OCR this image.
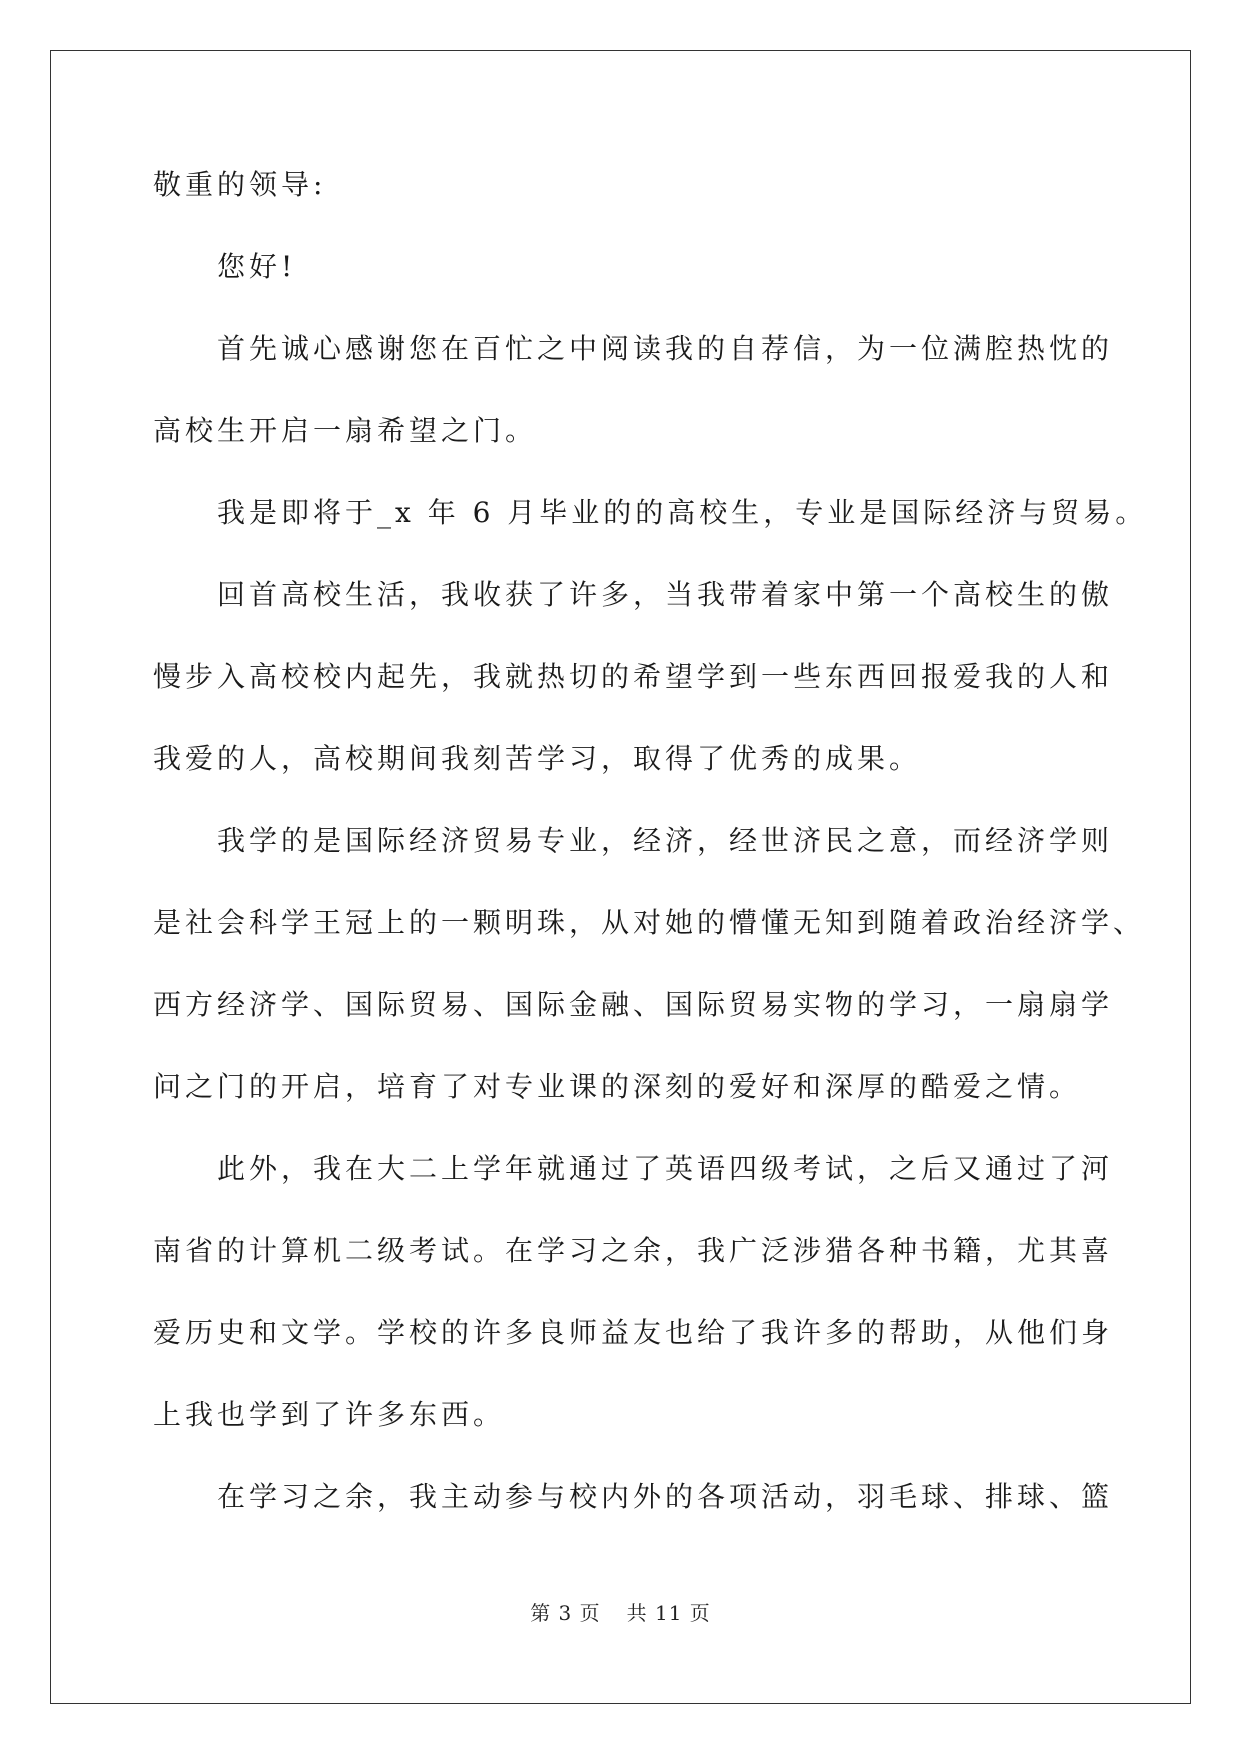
敬重的领导:
您好!
首先诚心感谢您在百忙之中阅读我的自荐信，为一位满腔热忱的
高校生开启一扇希望之门。
我是即将于_x 年 6 月毕业的的高校生，专业是国际经济与贸易。
回首高校生活，我收获了许多，当我带着家中第一个高校生的傲
慢步入高校校内起先，我就热切的希望学到一些东西回报爱我的人和
我爱的人，高校期间我刻苦学习，取得了优秀的成果。
我学的是国际经济贸易专业，经济，经世济民之意，而经济学则
是社会科学王冠上的一颗明珠，从对她的懵懂无知到随着政治经济学、
西方经济学、国际贸易、国际金融、国际贸易实物的学习，一扇扇学
问之门的开启，培育了对专业课的深刻的爱好和深厚的酷爱之情。
此外，我在大二上学年就通过了英语四级考试，之后又通过了河
南省的计算机二级考试。在学习之余，我广泛涉猎各种书籍，尤其喜
爱历史和文学。学校的许多良师益友也给了我许多的帮助，从他们身
上我也学到了许多东西。
在学习之余，我主动参与校内外的各项活动，羽毛球、排球、篮
第 3 页 共 11 页
